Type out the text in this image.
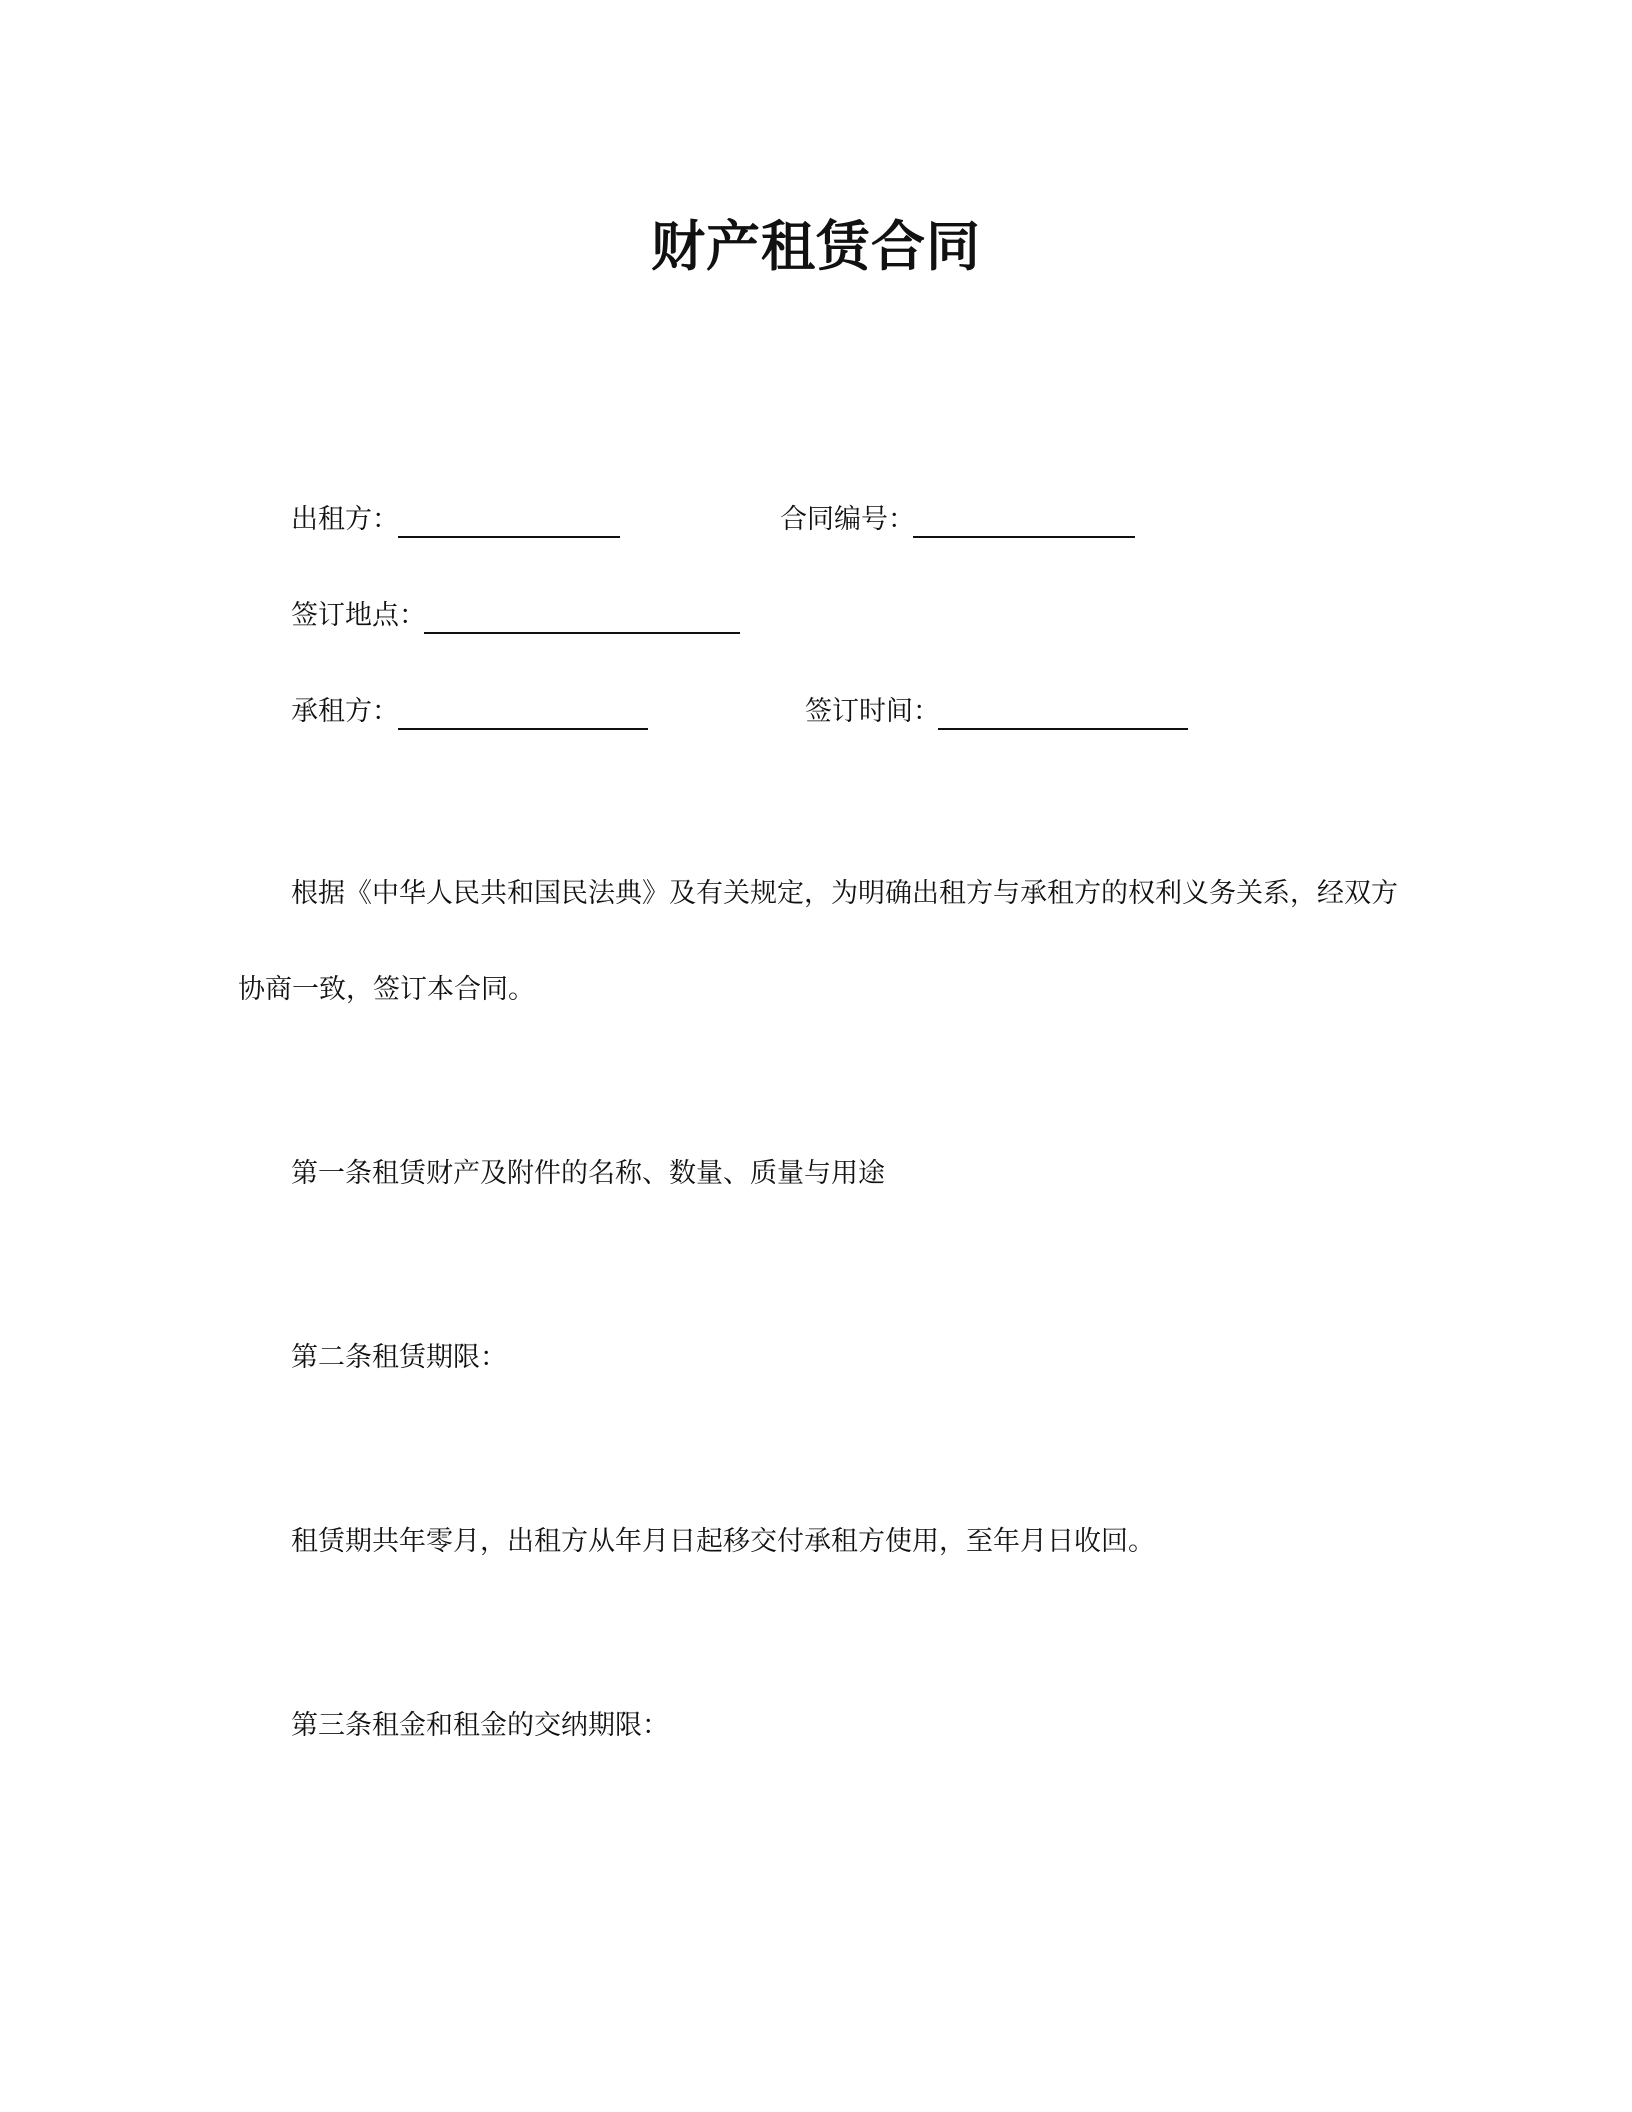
财产租赁合同
出租方：	合同编号：
签订地点：
承租方：	签订时间：
根据《中华人民共和国民法典》及有关规定，为明确出租方与承租方的权利义务关系，经双方
协商一致，签订本合同。
第一条租赁财产及附件的名称、数量、质量与用途
第二条租赁期限：
租赁期共年零月，出租方从年月日起移交付承租方使用，至年月日收回。
第三条租金和租金的交纳期限：
